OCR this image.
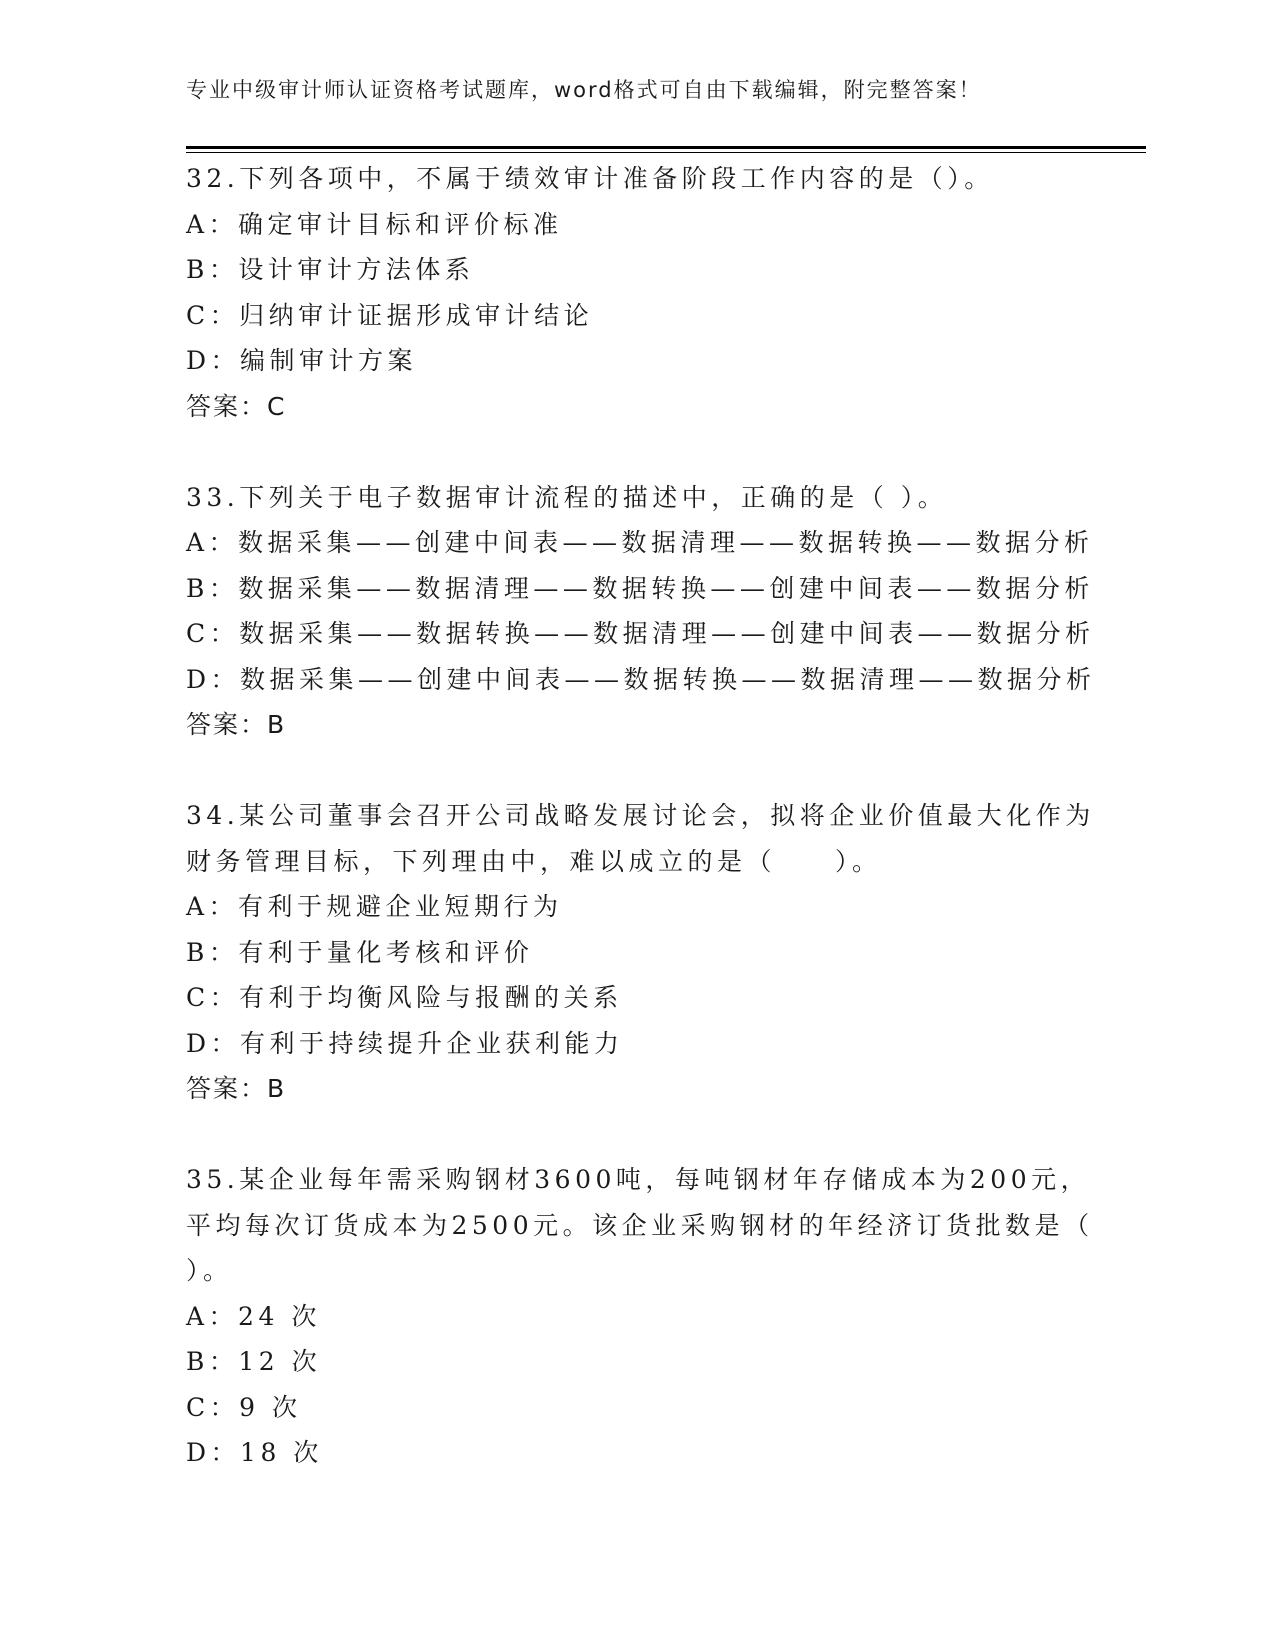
专业中级审计师认证资格考试题库，word格式可自由下载编辑，附完整答案！

32.下列各项中，不属于绩效审计准备阶段工作内容的是（）。

A：确定审计目标和评价标准

B：设计审计方法体系

C：归纳审计证据形成审计结论

D：编制审计方案

答案：C

33.下列关于电子数据审计流程的描述中，正确的是（ ）。

A：数据采集——创建中间表——数据清理——数据转换——数据分析

B：数据采集——数据清理——数据转换——创建中间表——数据分析

C：数据采集——数据转换——数据清理——创建中间表——数据分析

D：数据采集——创建中间表——数据转换——数据清理——数据分析

答案：B

34.某公司董事会召开公司战略发展讨论会，拟将企业价值最大化作为

财务管理目标，下列理由中，难以成立的是（　　）。

A：有利于规避企业短期行为

B：有利于量化考核和评价

C：有利于均衡风险与报酬的关系

D：有利于持续提升企业获利能力

答案：B

35.某企业每年需采购钢材3600吨，每吨钢材年存储成本为200元，

平均每次订货成本为2500元。该企业采购钢材的年经济订货批数是（

）。

A：24 次

B：12 次

C：9 次

D：18 次
